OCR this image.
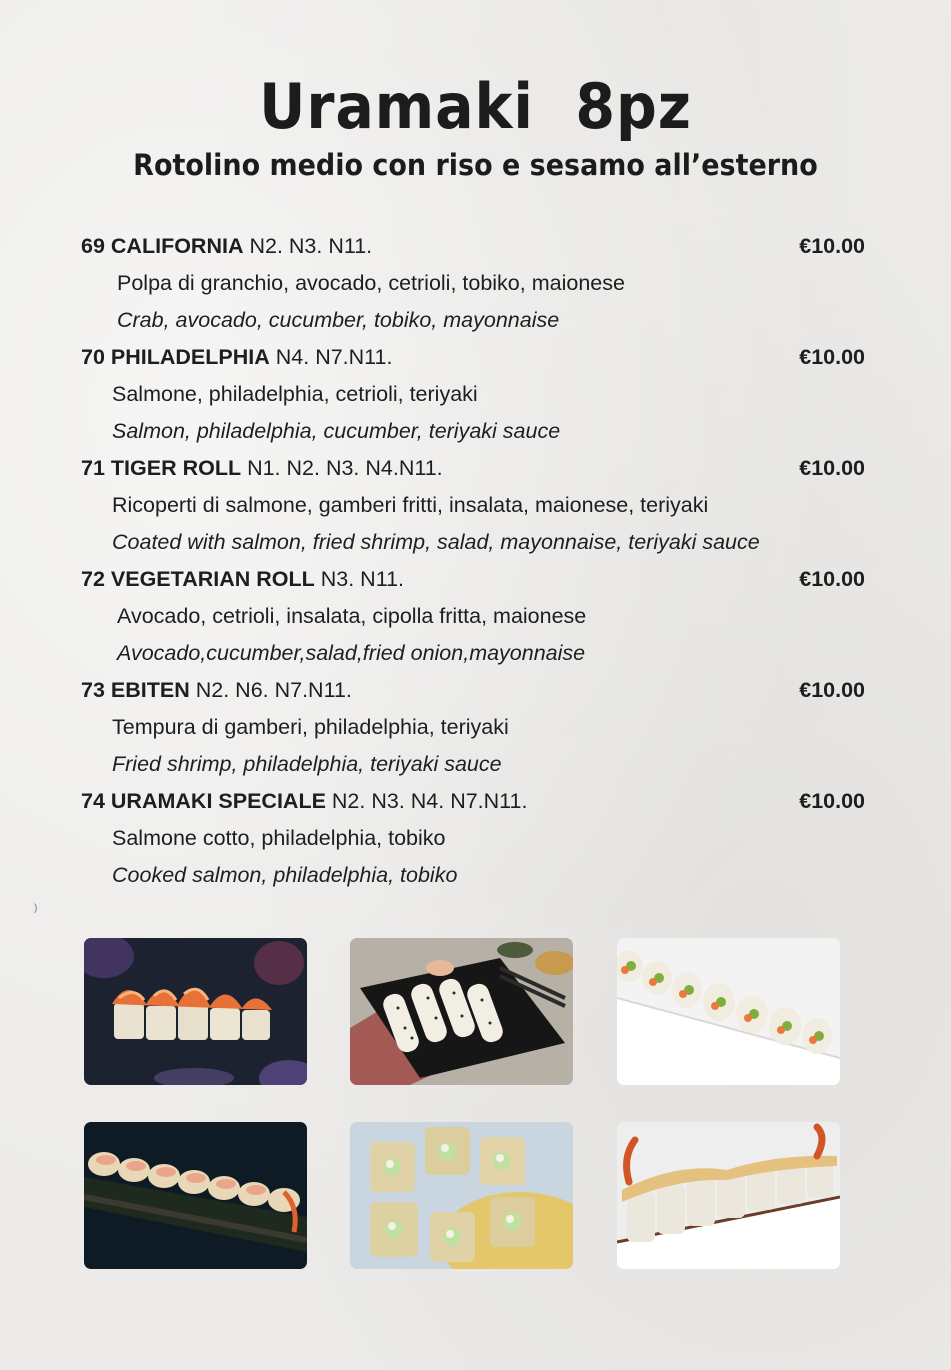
Uramaki  8pz
Rotolino medio con riso e sesamo all’esterno
69 CALIFORNIA N2. N3. N11.	€10.00
Polpa di granchio, avocado, cetrioli, tobiko, maionese
Crab, avocado, cucumber, tobiko, mayonnaise
70 PHILADELPHIA N4. N7.N11.	€10.00
Salmone, philadelphia, cetrioli, teriyaki
Salmon, philadelphia, cucumber, teriyaki sauce
71 TIGER ROLL N1. N2. N3. N4.N11.	€10.00
Ricoperti di salmone, gamberi fritti, insalata, maionese, teriyaki
Coated with salmon, fried shrimp, salad, mayonnaise, teriyaki sauce
72 VEGETARIAN ROLL N3. N11.	€10.00
Avocado, cetrioli, insalata, cipolla fritta, maionese
Avocado,cucumber,salad,fried onion,mayonnaise
73 EBITEN N2. N6. N7.N11.	€10.00
Tempura di gamberi, philadelphia, teriyaki
Fried shrimp, philadelphia, teriyaki sauce
74 URAMAKI SPECIALE N2. N3. N4. N7.N11.	€10.00
Salmone cotto, philadelphia, tobiko
Cooked salmon, philadelphia, tobiko
)
